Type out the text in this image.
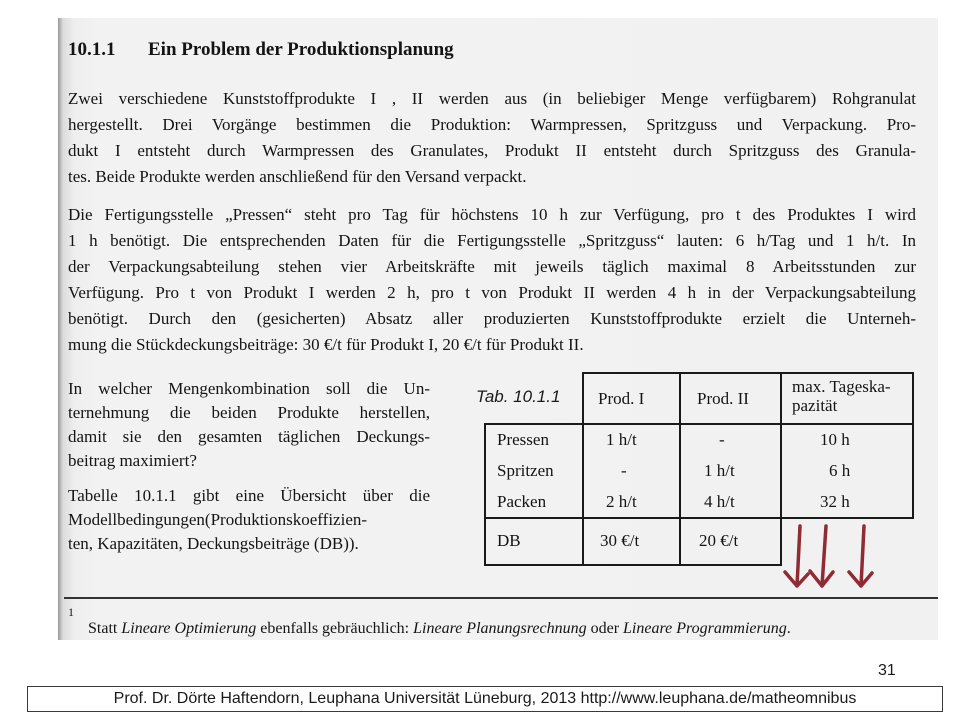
10.1.1 Ein Problem der Produktionsplanung
Zwei verschiedene Kunststoffprodukte I , II werden aus (in beliebiger Menge verfügbarem) Rohgranulat
hergestellt. Drei Vorgänge bestimmen die Produktion: Warmpressen, Spritzguss und Verpackung. Pro-
dukt I entsteht durch Warmpressen des Granulates, Produkt II entsteht durch Spritzguss des Granula-
tes. Beide Produkte werden anschließend für den Versand verpackt.
Die Fertigungsstelle „Pressen“ steht pro Tag für höchstens 10 h zur Verfügung, pro t des Produktes I wird
1 h benötigt. Die entsprechenden Daten für die Fertigungsstelle „Spritzguss“ lauten: 6 h/Tag und 1 h/t. In
der Verpackungsabteilung stehen vier Arbeitskräfte mit jeweils täglich maximal 8 Arbeitsstunden zur
Verfügung. Pro t von Produkt I werden 2 h, pro t von Produkt II werden 4 h in der Verpackungsabteilung
benötigt. Durch den (gesicherten) Absatz aller produzierten Kunststoffprodukte erzielt die Unterneh-
mung die Stückdeckungsbeiträge: 30 €/t für Produkt I, 20 €/t für Produkt II.
In welcher Mengenkombination soll die Un-
ternehmung die beiden Produkte herstellen,
damit sie den gesamten täglichen Deckungs-
beitrag maximiert?
Tabelle 10.1.1 gibt eine Übersicht über die
Modellbedingungen(Produktionskoeffizien-
ten, Kapazitäten, Deckungsbeiträge (DB)).
Tab. 10.1.1 Prod. I	Prod. II
max. Tageska-
pazität
Pressen	1 h/t	-	10 h
Spritzen	-	1 h/t	6 h
Packen	2 h/t	4 h/t	32 h
DB	30 €/t	20 €/t
1
Statt Lineare Optimierung ebenfalls gebräuchlich: Lineare Planungsrechnung oder Lineare Programmierung.
31
Prof. Dr. Dörte Haftendorn, Leuphana Universität Lüneburg, 2013 http://www.leuphana.de/matheomnibus
